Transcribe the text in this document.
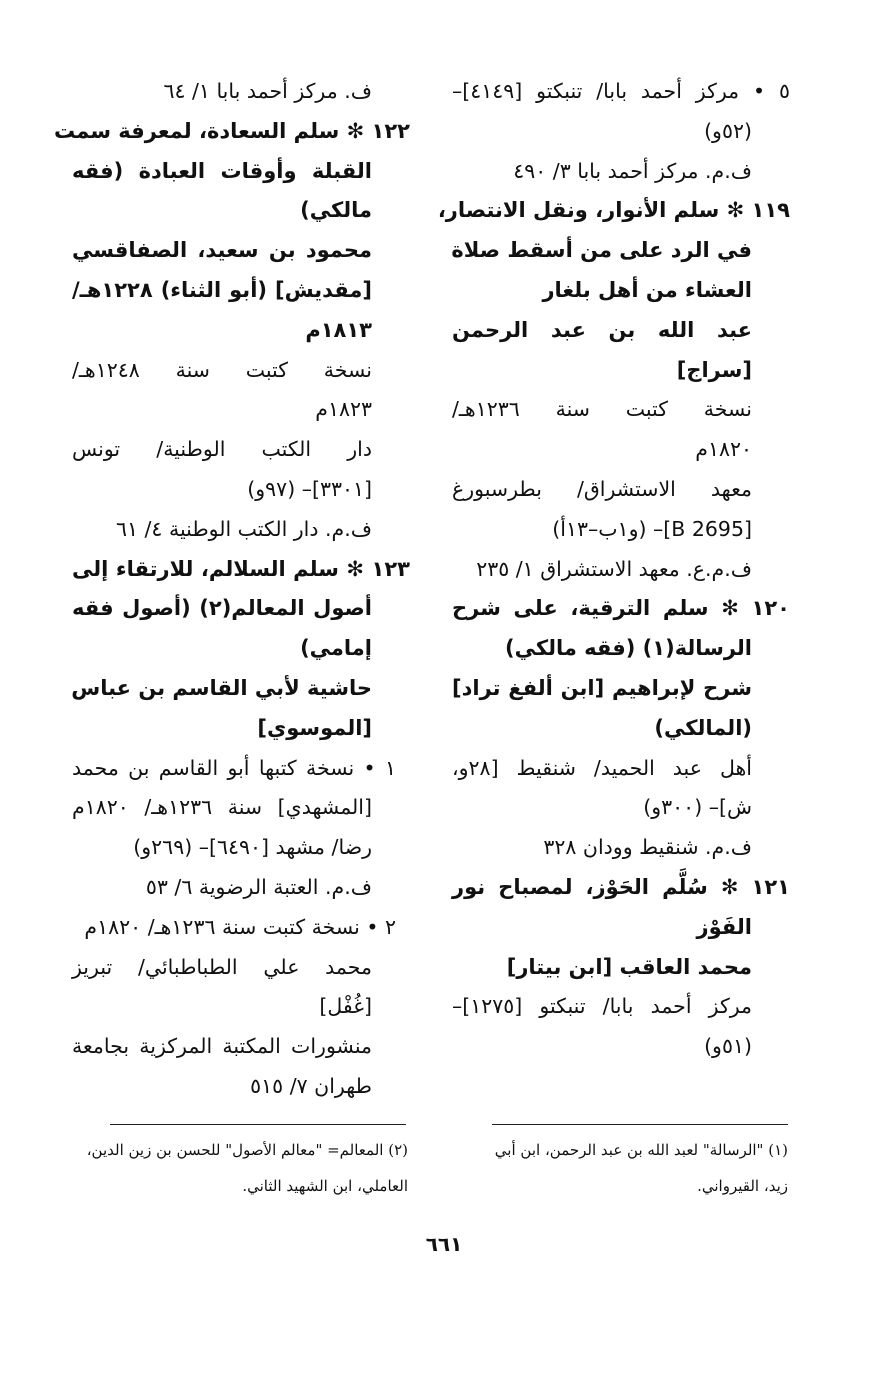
٥ • مركز أحمد بابا/ تنبكتو [٤١٤٩]–
(٥٢و)
ف.م. مركز أحمد بابا ٣/ ٤٩٠
١١٩ ✻ سلم الأنوار، ونقل الانتصار،
في الرد على من أسقط صلاة
العشاء من أهل بلغار
عبد الله بن عبد الرحمن
[سراج]
نسخة كتبت سنة ١٢٣٦هـ/
١٨٢٠م
معهد الاستشراق/ بطرسبورغ
[B 2695]– (و١ب–١٣أ)
ف.م.ع. معهد الاستشراق ١/ ٢٣٥
١٢٠ ✻ سلم الترقية، على شرح
الرسالة(١) (فقه مالكي)
شرح لإبراهيم [ابن ألفغ تراد]
(المالكي)
أهل عبد الحميد/ شنقيط [٢٨و،
ش]– (٣٠٠و)
ف.م. شنقيط وودان ٣٢٨
١٢١ ✻ سُلَّم الحَوْز، لمصباح نور
الفَوْز
محمد العاقب [ابن بيتار]
مركز أحمد بابا/ تنبكتو [١٢٧٥]–
(٥١و)
ف. مركز أحمد بابا ١/ ٦٤
١٢٢ ✻ سلم السعادة، لمعرفة سمت
القبلة وأوقات العبادة (فقه
مالكي)
محمود بن سعيد، الصفاقسي
[مقديش] (أبو الثناء) ١٢٢٨هـ/
١٨١٣م
نسخة كتبت سنة ١٢٤٨هـ/
١٨٢٣م
دار الكتب الوطنية/ تونس
[٣٣٠١]– (٩٧و)
ف.م. دار الكتب الوطنية ٤/ ٦١
١٢٣ ✻ سلم السلالم، للارتقاء إلى
أصول المعالم(٢) (أصول فقه
إمامي)
حاشية لأبي القاسم بن عباس
[الموسوي]
١ • نسخة كتبها أبو القاسم بن محمد
[المشهدي] سنة ١٢٣٦هـ/ ١٨٢٠م
رضا/ مشهد [٦٤٩٠]– (٢٦٩و)
ف.م. العتبة الرضوية ٦/ ٥٣
٢ • نسخة كتبت سنة ١٢٣٦هـ/ ١٨٢٠م
محمد علي الطباطبائي/ تبريز
[غُفْل]
منشورات المكتبة المركزية بجامعة
طهران ٧/ ٥١٥
(١) "الرسالة" لعبد الله بن عبد الرحمن، ابن أبي
زيد، القيرواني.
(٢) المعالم= "معالم الأصول" للحسن بن زين الدين،
العاملي، ابن الشهيد الثاني.
٦٦١
